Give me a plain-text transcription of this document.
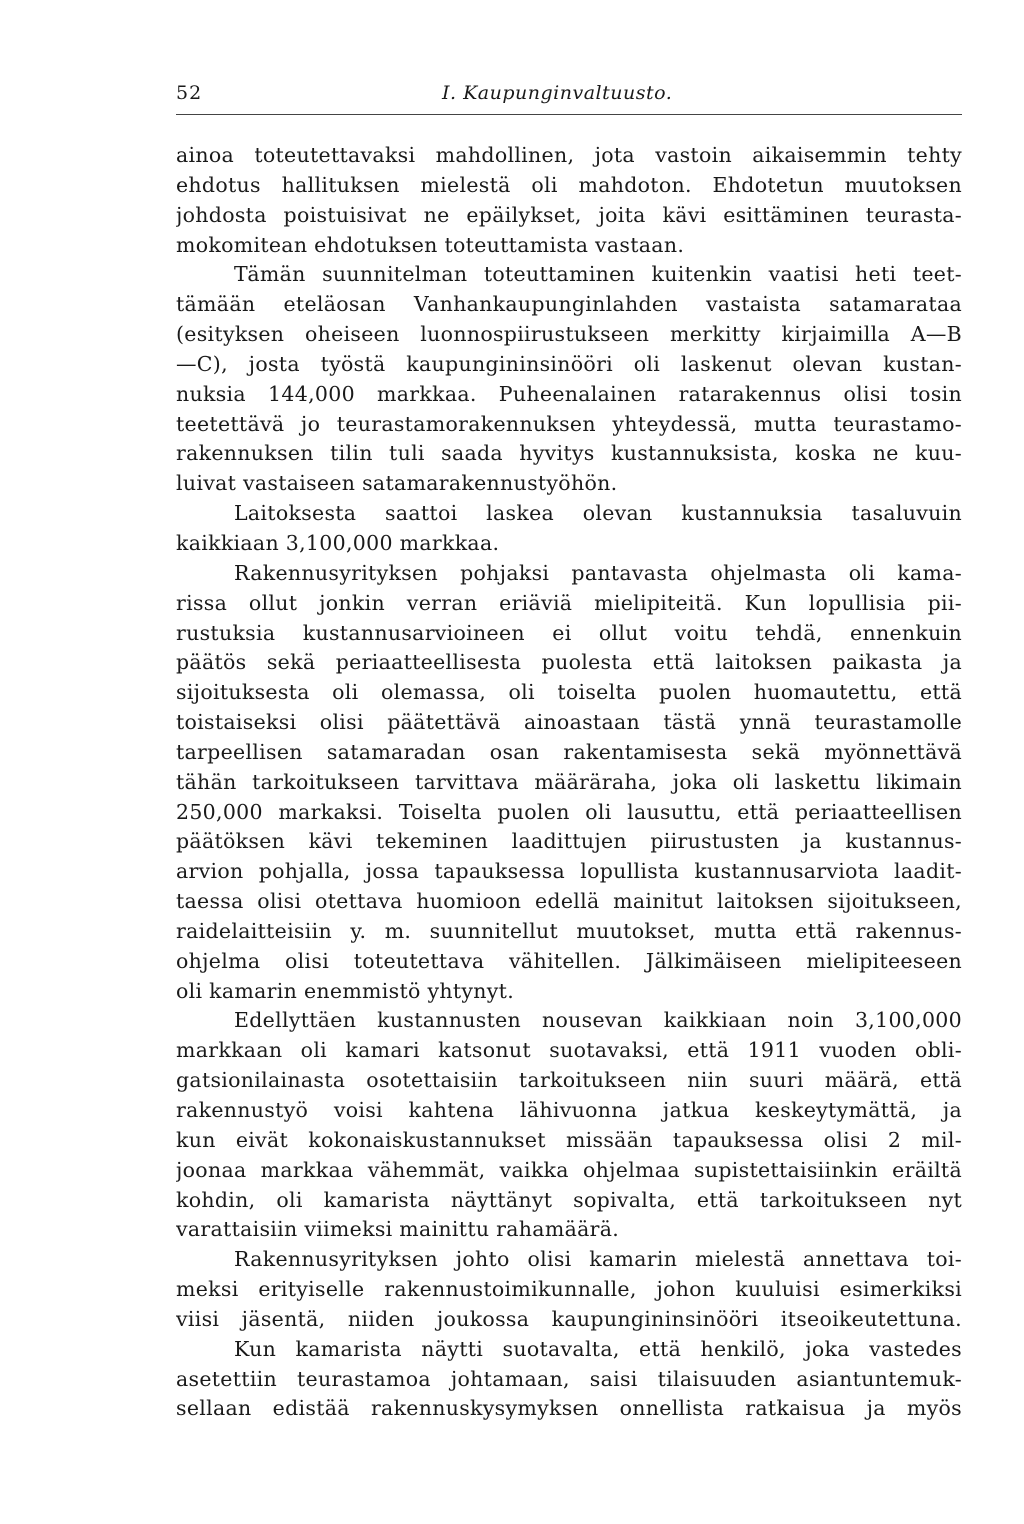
52	I. Kaupunginvaltuusto.
ainoa toteutettavaksi mahdollinen, jota vastoin aikaisemmin tehty
ehdotus hallituksen mielestä oli mahdoton. Ehdotetun muutoksen
johdosta poistuisivat ne epäilykset, joita kävi esittäminen teurasta-
mokomitean ehdotuksen toteuttamista vastaan.
Tämän suunnitelman toteuttaminen kuitenkin vaatisi heti teet-
tämään eteläosan Vanhankaupunginlahden vastaista satamarataa
(esityksen oheiseen luonnospiirustukseen merkitty kirjaimilla A—B
—C), josta työstä kaupungininsinööri oli laskenut olevan kustan-
nuksia 144,000 markkaa. Puheenalainen ratarakennus olisi tosin
teetettävä jo teurastamorakennuksen yhteydessä, mutta teurastamo-
rakennuksen tilin tuli saada hyvitys kustannuksista, koska ne kuu-
luivat vastaiseen satamarakennustyöhön.
Laitoksesta saattoi laskea olevan kustannuksia tasaluvuin
kaikkiaan 3,100,000 markkaa.
Rakennusyrityksen pohjaksi pantavasta ohjelmasta oli kama-
rissa ollut jonkin verran eriäviä mielipiteitä. Kun lopullisia pii-
rustuksia kustannusarvioineen ei ollut voitu tehdä, ennenkuin
päätös sekä periaatteellisesta puolesta että laitoksen paikasta ja
sijoituksesta oli olemassa, oli toiselta puolen huomautettu, että
toistaiseksi olisi päätettävä ainoastaan tästä ynnä teurastamolle
tarpeellisen satamaradan osan rakentamisesta sekä myönnettävä
tähän tarkoitukseen tarvittava määräraha, joka oli laskettu likimain
250,000 markaksi. Toiselta puolen oli lausuttu, että periaatteellisen
päätöksen kävi tekeminen laadittujen piirustusten ja kustannus-
arvion pohjalla, jossa tapauksessa lopullista kustannusarviota laadit-
taessa olisi otettava huomioon edellä mainitut laitoksen sijoitukseen,
raidelaitteisiin y. m. suunnitellut muutokset, mutta että rakennus-
ohjelma olisi toteutettava vähitellen. Jälkimäiseen mielipiteeseen
oli kamarin enemmistö yhtynyt.
Edellyttäen kustannusten nousevan kaikkiaan noin 3,100,000
markkaan oli kamari katsonut suotavaksi, että 1911 vuoden obli-
gatsionilainasta osotettaisiin tarkoitukseen niin suuri määrä, että
rakennustyö voisi kahtena lähivuonna jatkua keskeytymättä, ja
kun eivät kokonaiskustannukset missään tapauksessa olisi 2 mil-
joonaa markkaa vähemmät, vaikka ohjelmaa supistettaisiinkin eräiltä
kohdin, oli kamarista näyttänyt sopivalta, että tarkoitukseen nyt
varattaisiin viimeksi mainittu rahamäärä.
Rakennusyrityksen johto olisi kamarin mielestä annettava toi-
meksi erityiselle rakennustoimikunnalle, johon kuuluisi esimerkiksi
viisi jäsentä, niiden joukossa kaupungininsinööri itseoikeutettuna.
Kun kamarista näytti suotavalta, että henkilö, joka vastedes
asetettiin teurastamoa johtamaan, saisi tilaisuuden asiantuntemuk-
sellaan edistää rakennuskysymyksen onnellista ratkaisua ja myös
